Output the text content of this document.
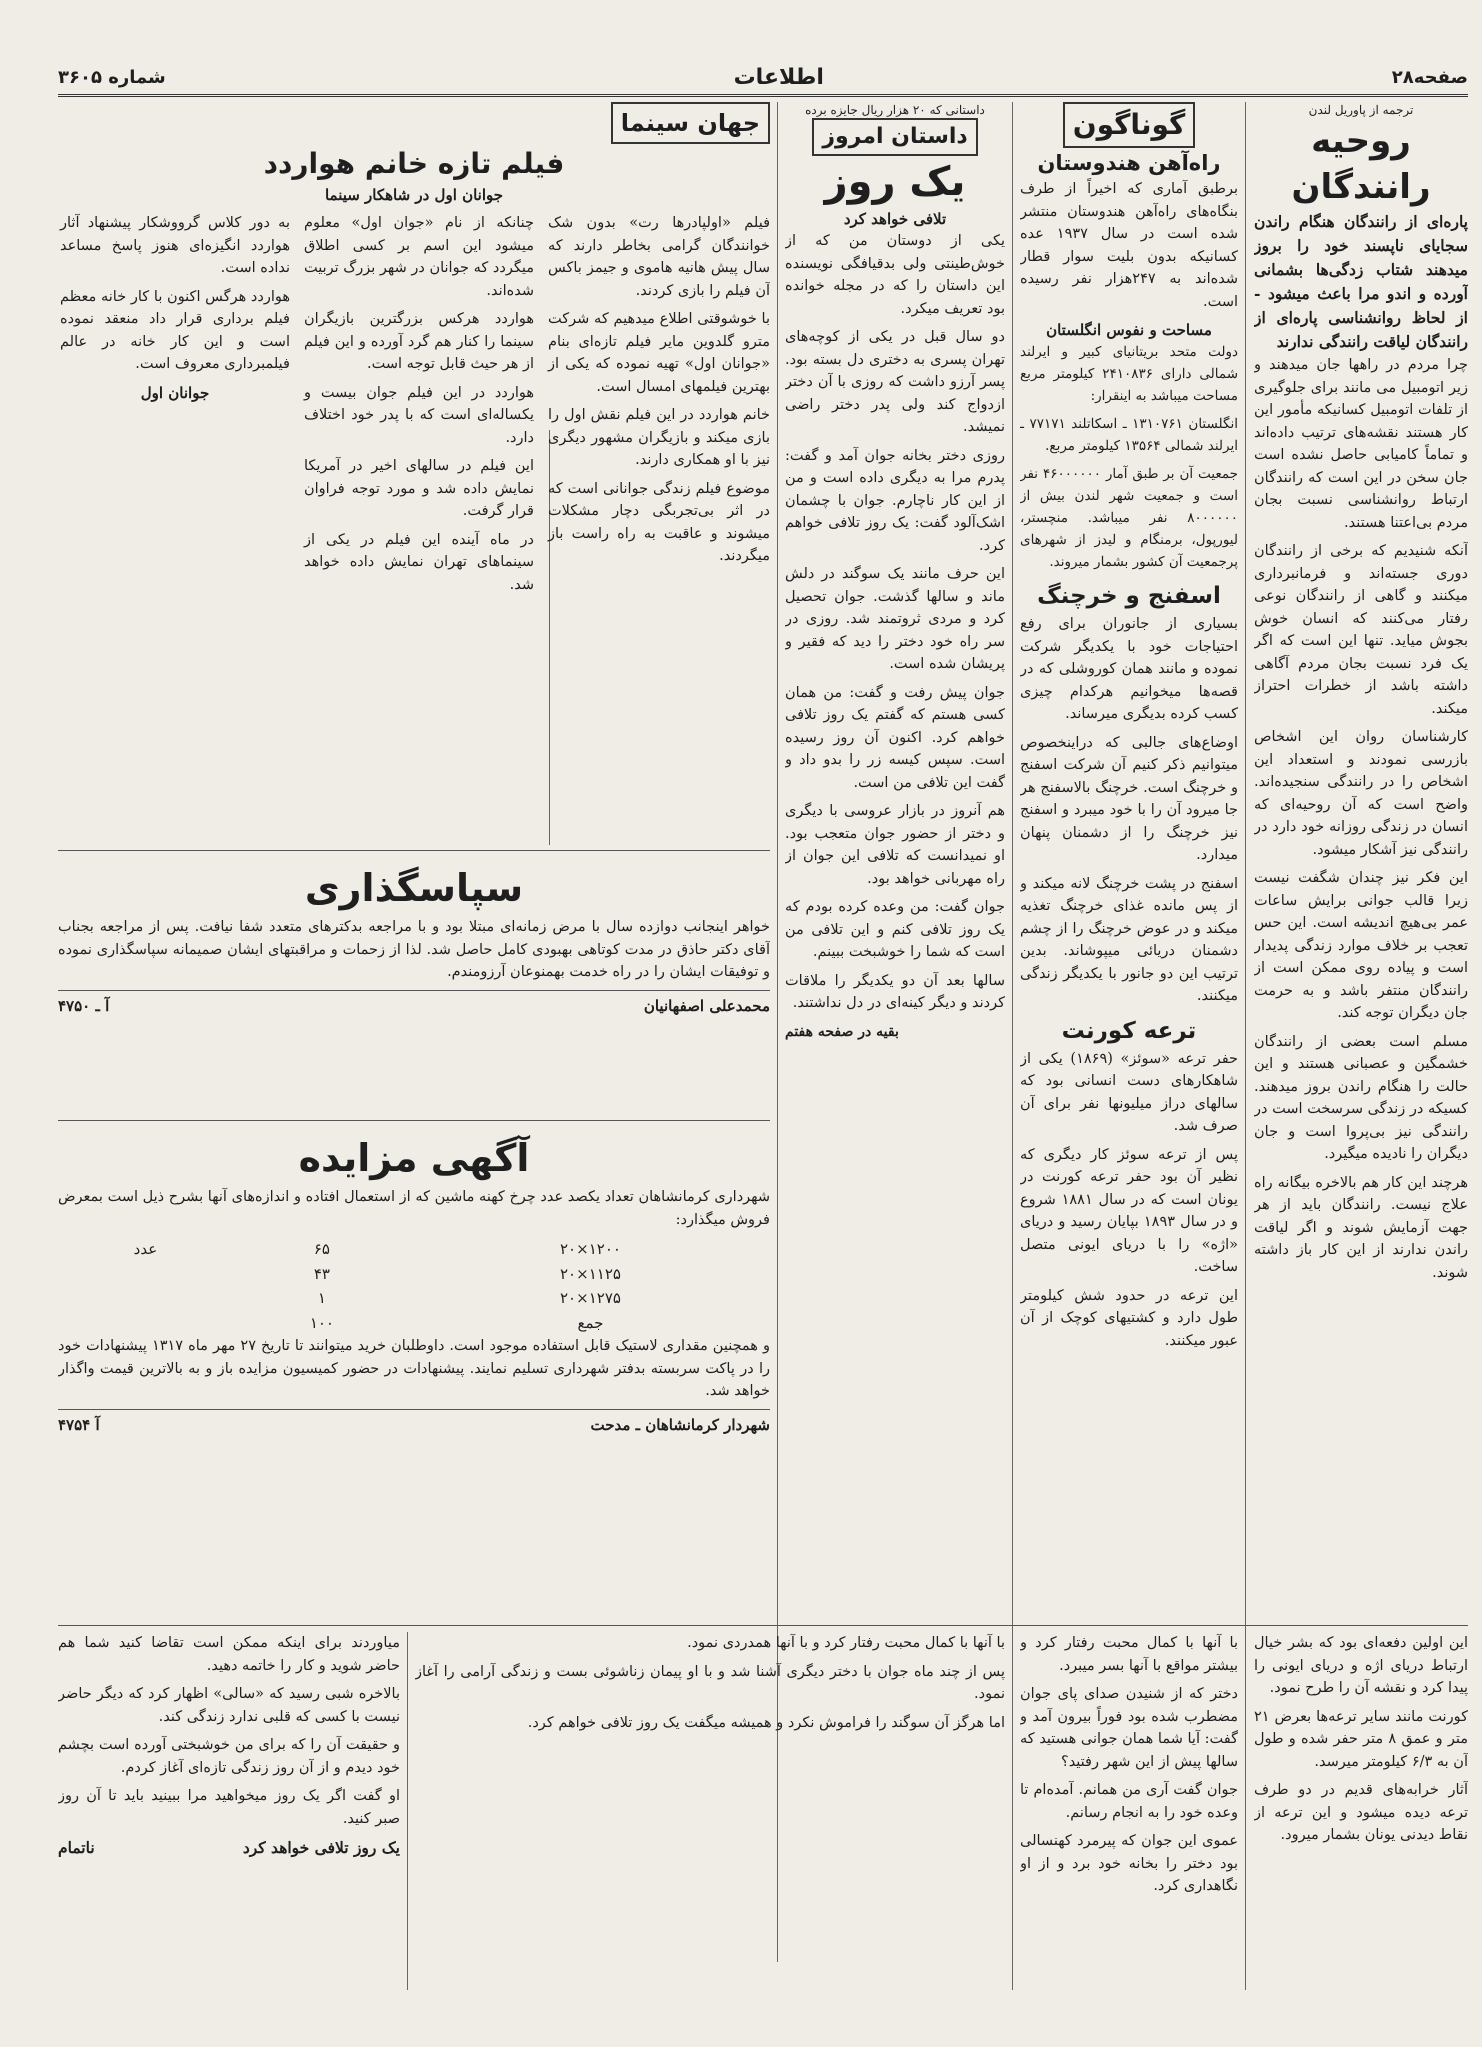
صفحه۲۸
اطلاعات
شماره ۳۶۰۵
ترجمه از پاوریل لندن
روحیه رانندگان
پاره‌ای از رانندگان هنگام راندن سجایای ناپسند خود را بروز میدهند شتاب زدگی‌ها بشمانی آورده و اندو مرا باعث میشود - از لحاظ روانشناسی پاره‌ای از رانندگان لیاقت رانندگی ندارند

چرا مردم در راهها جان میدهند و زیر اتومبیل می مانند برای جلوگیری از تلفات اتومبیل کسانیکه مأمور این کار هستند نقشه‌های ترتیب داده‌اند و تماماً کامیابی حاصل نشده است جان سخن در این است که رانندگان ارتباط روانشناسی نسبت بجان مردم بی‌اعتنا هستند.

آنکه شنیدیم که برخی از رانندگان دوری جسته‌اند و فرمانبرداری میکنند و گاهی از رانندگان نوعی رفتار می‌کنند که انسان خوش بجوش میاید. تنها این است که اگر یک فرد نسبت بجان مردم آگاهی داشته باشد از خطرات احتراز میکند.

کارشناسان روان این اشخاص بازرسی نمودند و استعداد این اشخاص را در رانندگی سنجیده‌اند. واضح است که آن روحیه‌ای که انسان در زندگی روزانه خود دارد در رانندگی نیز آشکار میشود.

این فکر نیز چندان شگفت نیست زیرا قالب جوانی برایش ساعات عمر بی‌هیچ اندیشه است. این حس تعجب بر خلاف موارد زندگی پدیدار است و پیاده روی ممکن است از رانندگان منتفر باشد و به حرمت جان دیگران توجه کند.

مسلم است بعضی از رانندگان خشمگین و عصبانی هستند و این حالت را هنگام راندن بروز میدهند. کسیکه در زندگی سرسخت است در رانندگی نیز بی‌پروا است و جان دیگران را نادیده میگیرد.

هرچند این کار هم بالاخره بیگانه راه علاج نیست. رانندگان باید از هر جهت آزمایش شوند و اگر لیاقت راندن ندارند از این کار باز داشته شوند.

گوناگون
راه‌آهن هندوستان

برطبق آماری که اخیراً از طرف بنگاه‌های راه‌آهن هندوستان منتشر شده است در سال ۱۹۳۷ عده کسانیکه بدون بلیت سوار قطار شده‌اند به ۲۴۷هزار نفر رسیده است.

مساحت و نفوس انگلستان

دولت متحد بریتانیای کبیر و ایرلند شمالی دارای ۲۴۱۰۸۳۶ کیلومتر مربع مساحت میباشد به اینقرار:

انگلستان ۱۳۱۰۷۶۱ ـ اسکاتلند ۷۷۱۷۱ ـ ایرلند شمالی ۱۳۵۶۴ کیلومتر مربع.

جمعیت آن بر طبق آمار ۴۶۰۰۰۰۰۰ نفر است و جمعیت شهر لندن بیش از ۸۰۰۰۰۰۰ نفر میباشد. منچستر، لیورپول، برمنگام و لیدز از شهرهای پرجمعیت آن کشور بشمار میروند.

اسفنج و خرچنگ

بسیاری از جانوران برای رفع احتیاجات خود با یکدیگر شرکت نموده و مانند همان کوروشلی که در قصه‌ها میخوانیم هرکدام چیزی کسب کرده بدیگری میرساند.

اوضاع‌های جالبی که دراینخصوص میتوانیم ذکر کنیم آن شرکت اسفنج و خرچنگ است. خرچنگ بالاسفنج هر جا میرود آن را با خود میبرد و اسفنج نیز خرچنگ را از دشمنان پنهان میدارد.

اسفنج در پشت خرچنگ لانه میکند و از پس مانده غذای خرچنگ تغذیه میکند و در عوض خرچنگ را از چشم دشمنان دریائی میپوشاند. بدین ترتیب این دو جانور با یکدیگر زندگی میکنند.

ترعه کورنت

حفر ترعه «سوئز» (۱۸۶۹) یکی از شاهکارهای دست انسانی بود که سالهای دراز میلیونها نفر برای آن صرف شد.

پس از ترعه سوئز کار دیگری که نظیر آن بود حفر ترعه کورنت در یونان است که در سال ۱۸۸۱ شروع و در سال ۱۸۹۳ بپایان رسید و دریای «اژه» را با دریای ایونی متصل ساخت.

این ترعه در حدود شش کیلومتر طول دارد و کشتیهای کوچک از آن عبور میکنند.

داستانی که ۲۰ هزار ریال جایزه برده
داستان امروز
یک روز
تلافی خواهد کرد

یکی از دوستان من که از خوش‌طینتی ولی بدقیافگی نویسنده این داستان را که در مجله خوانده بود تعریف میکرد.

دو سال قبل در یکی از کوچه‌های تهران پسری به دختری دل بسته بود. پسر آرزو داشت که روزی با آن دختر ازدواج کند ولی پدر دختر راضی نمیشد.

روزی دختر بخانه جوان آمد و گفت: پدرم مرا به دیگری داده است و من از این کار ناچارم. جوان با چشمان اشک‌آلود گفت: یک روز تلافی خواهم کرد.

این حرف مانند یک سوگند در دلش ماند و سالها گذشت. جوان تحصیل کرد و مردی ثروتمند شد. روزی در سر راه خود دختر را دید که فقیر و پریشان شده است.

جوان پیش رفت و گفت: من همان کسی هستم که گفتم یک روز تلافی خواهم کرد. اکنون آن روز رسیده است. سپس کیسه زر را بدو داد و گفت این تلافی من است.

هم آنروز در بازار عروسی با دیگری و دختر از حضور جوان متعجب بود. او نمیدانست که تلافی این جوان از راه مهربانی خواهد بود.

جوان گفت: من وعده کرده بودم که یک روز تلافی کنم و این تلافی من است که شما را خوشبخت ببینم.

سالها بعد آن دو یکدیگر را ملاقات کردند و دیگر کینه‌ای در دل نداشتند.

بقیه در صفحه هفتم
جهان سینما
فیلم تازه خانم هواردد
جوانان اول در شاهکار سینما

فیلم «اولپادرها رت» بدون شک خوانندگان گرامی بخاطر دارند که سال پیش هانیه هاموی و جیمز باکس آن فیلم را بازی کردند.

با خوشوقتی اطلاع میدهیم که شرکت مترو گلدوین مایر فیلم تازه‌ای بنام «جوانان اول» تهیه نموده که یکی از بهترین فیلمهای امسال است.

خانم هواردد در این فیلم نقش اول را بازی میکند و بازیگران مشهور دیگری نیز با او همکاری دارند.

موضوع فیلم زندگی جوانانی است که در اثر بی‌تجربگی دچار مشکلات میشوند و عاقبت به راه راست باز میگردند.

چنانکه از نام «جوان اول» معلوم میشود این اسم بر کسی اطلاق میگردد که جوانان در شهر بزرگ تربیت شده‌اند.

هواردد هرکس بزرگترین بازیگران سینما را کنار هم گرد آورده و این فیلم از هر حیث قابل توجه است.

هواردد در این فیلم جوان بیست و یکساله‌ای است که با پدر خود اختلاف دارد.

این فیلم در سالهای اخیر در آمریکا نمایش داده شد و مورد توجه فراوان قرار گرفت.

در ماه آینده این فیلم در یکی از سینماهای تهران نمایش داده خواهد شد.

به دور کلاس گرووشکار پیشنهاد آثار هواردد انگیزه‌ای هنوز پاسخ مساعد نداده است.

هواردد هرگس اکنون با کار خانه معظم فیلم برداری قرار داد منعقد نموده است و این کار خانه در عالم فیلمبرداری معروف است.

جوانان اول
سپاسگذاری

خواهر اینجانب دوازده سال با مرض زمانه‌ای مبتلا بود و با مراجعه بدکترهای متعدد شفا نیافت. پس از مراجعه بجناب آقای دکتر حاذق در مدت کوتاهی بهبودی کامل حاصل شد. لذا از زحمات و مراقبتهای ایشان صمیمانه سپاسگذاری نموده و توفیقات ایشان را در راه خدمت بهمنوعان آرزومندم.

محمدعلی اصفهانیان
آ ـ ۴۷۵۰
آگهی مزایده

شهرداری کرمانشاهان تعداد یکصد عدد چرخ کهنه ماشین که از استعمال افتاده و اندازه‌های آنها بشرح ذیل است بمعرض فروش میگذارد:

۱۲۰۰×۲۰	۶۵	عدد
۱۱۲۵×۲۰	۴۳	
۱۲۷۵×۲۰	۱	
جمع	۱۰۰	

و همچنین مقداری لاستیک قابل استفاده موجود است. داوطلبان خرید میتوانند تا تاریخ ۲۷ مهر ماه ۱۳۱۷ پیشنهادات خود را در پاکت سربسته بدفتر شهرداری تسلیم نمایند. پیشنهادات در حضور کمیسیون مزایده باز و به بالاترین قیمت واگذار خواهد شد.

شهردار کرمانشاهان ـ مدحت
آ ۴۷۵۴

این اولین دفعه‌ای بود که بشر خیال ارتباط دریای اژه و دریای ایونی را پیدا کرد و نقشه آن را طرح نمود.

کورنت مانند سایر ترعه‌ها بعرض ۲۱ متر و عمق ۸ متر حفر شده و طول آن به ۶/۳ کیلومتر میرسد.

آثار خرابه‌های قدیم در دو طرف ترعه دیده میشود و این ترعه از نقاط دیدنی یونان بشمار میرود.

با آنها با کمال محبت رفتار کرد و بیشتر مواقع با آنها بسر میبرد.

دختر که از شنیدن صدای پای جوان مضطرب شده بود فوراً بیرون آمد و گفت: آیا شما همان جوانی هستید که سالها پیش از این شهر رفتید؟

جوان گفت آری من همانم. آمده‌ام تا وعده خود را به انجام رسانم.

عموی این جوان که پیرمرد کهنسالی بود دختر را بخانه خود برد و از او نگاهداری کرد.

با آنها با کمال محبت رفتار کرد و با آنها همدردی نمود.

پس از چند ماه جوان با دختر دیگری آشنا شد و با او پیمان زناشوئی بست و زندگی آرامی را آغاز نمود.

اما هرگز آن سوگند را فراموش نکرد و همیشه میگفت یک روز تلافی خواهم کرد.

میاوردند برای اینکه ممکن است تقاضا کنید شما هم حاضر شوید و کار را خاتمه دهید.

بالاخره شبی رسید که «سالی» اظهار کرد که دیگر حاضر نیست با کسی که قلبی ندارد زندگی کند.

و حقیقت آن را که برای من خوشبختی آورده است بچشم خود دیدم و از آن روز زندگی تازه‌ای آغاز کردم.

او گفت اگر یک روز میخواهید مرا ببینید باید تا آن روز صبر کنید.

یک روز تلافی خواهد کرد
ناتمام
